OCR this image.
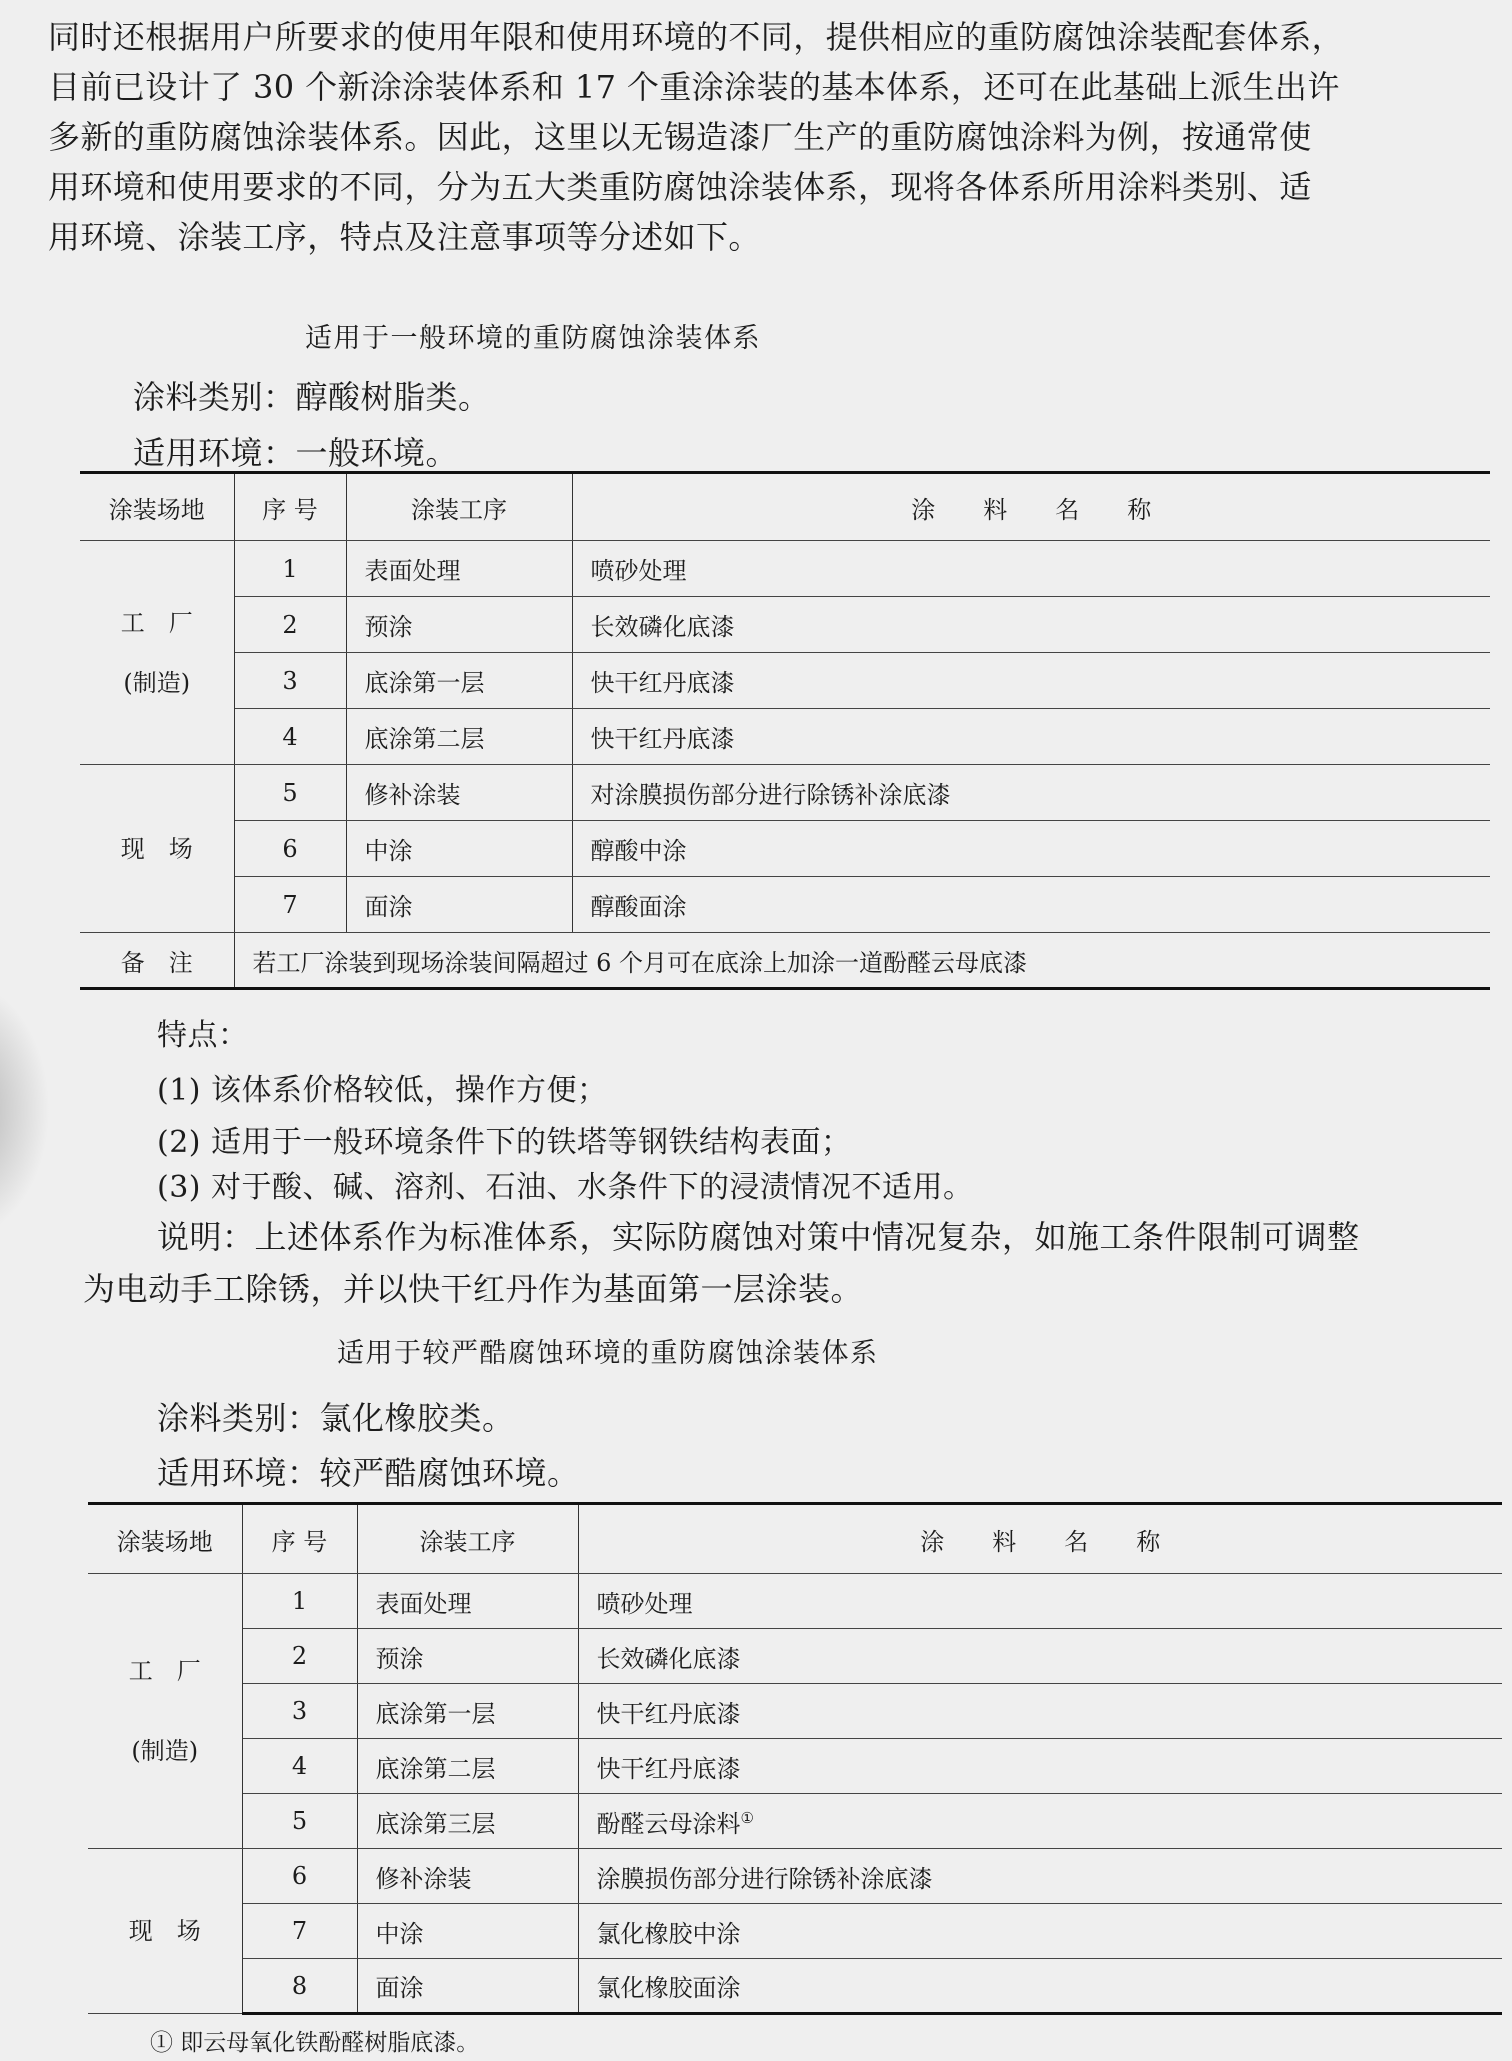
同时还根据用户所要求的使用年限和使用环境的不同，提供相应的重防腐蚀涂装配套体系，

目前已设计了 30 个新涂涂装体系和 17 个重涂涂装的基本体系，还可在此基础上派生出许

多新的重防腐蚀涂装体系。因此，这里以无锡造漆厂生产的重防腐蚀涂料为例，按通常使

用环境和使用要求的不同，分为五大类重防腐蚀涂装体系，现将各体系所用涂料类别、适

用环境、涂装工序，特点及注意事项等分述如下。

适用于一般环境的重防腐蚀涂装体系
涂料类别：醇酸树脂类。
适用环境：一般环境。
涂装场地	序 号	涂装工序	涂　　料　　名　　称

工　厂
(制造)	1	表面处理	喷砂处理
	2	预涂	长效磷化底漆
	3	底涂第一层	快干红丹底漆
	4	底涂第二层	快干红丹底漆

现　场	5	修补涂装	对涂膜损伤部分进行除锈补涂底漆
	6	中涂	醇酸中涂
	7	面涂	醇酸面涂
备　注	若工厂涂装到现场涂装间隔超过 6 个月可在底涂上加涂一道酚醛云母底漆		
特点：
(1) 该体系价格较低，操作方便；
(2) 适用于一般环境条件下的铁塔等钢铁结构表面；
(3) 对于酸、碱、溶剂、石油、水条件下的浸渍情况不适用。
说明：上述体系作为标准体系，实际防腐蚀对策中情况复杂，如施工条件限制可调整
为电动手工除锈，并以快干红丹作为基面第一层涂装。
适用于较严酷腐蚀环境的重防腐蚀涂装体系
涂料类别：氯化橡胶类。
适用环境：较严酷腐蚀环境。
涂装场地	序 号	涂装工序	涂　　料　　名　　称

工　厂
(制造)	1	表面处理	喷砂处理
	2	预涂	长效磷化底漆
	3	底涂第一层	快干红丹底漆
	4	底涂第二层	快干红丹底漆
	5	底涂第三层	酚醛云母涂料①

现　场	6	修补涂装	涂膜损伤部分进行除锈补涂底漆
	7	中涂	氯化橡胶中涂
	8	面涂	氯化橡胶面涂
① 即云母氧化铁酚醛树脂底漆。
